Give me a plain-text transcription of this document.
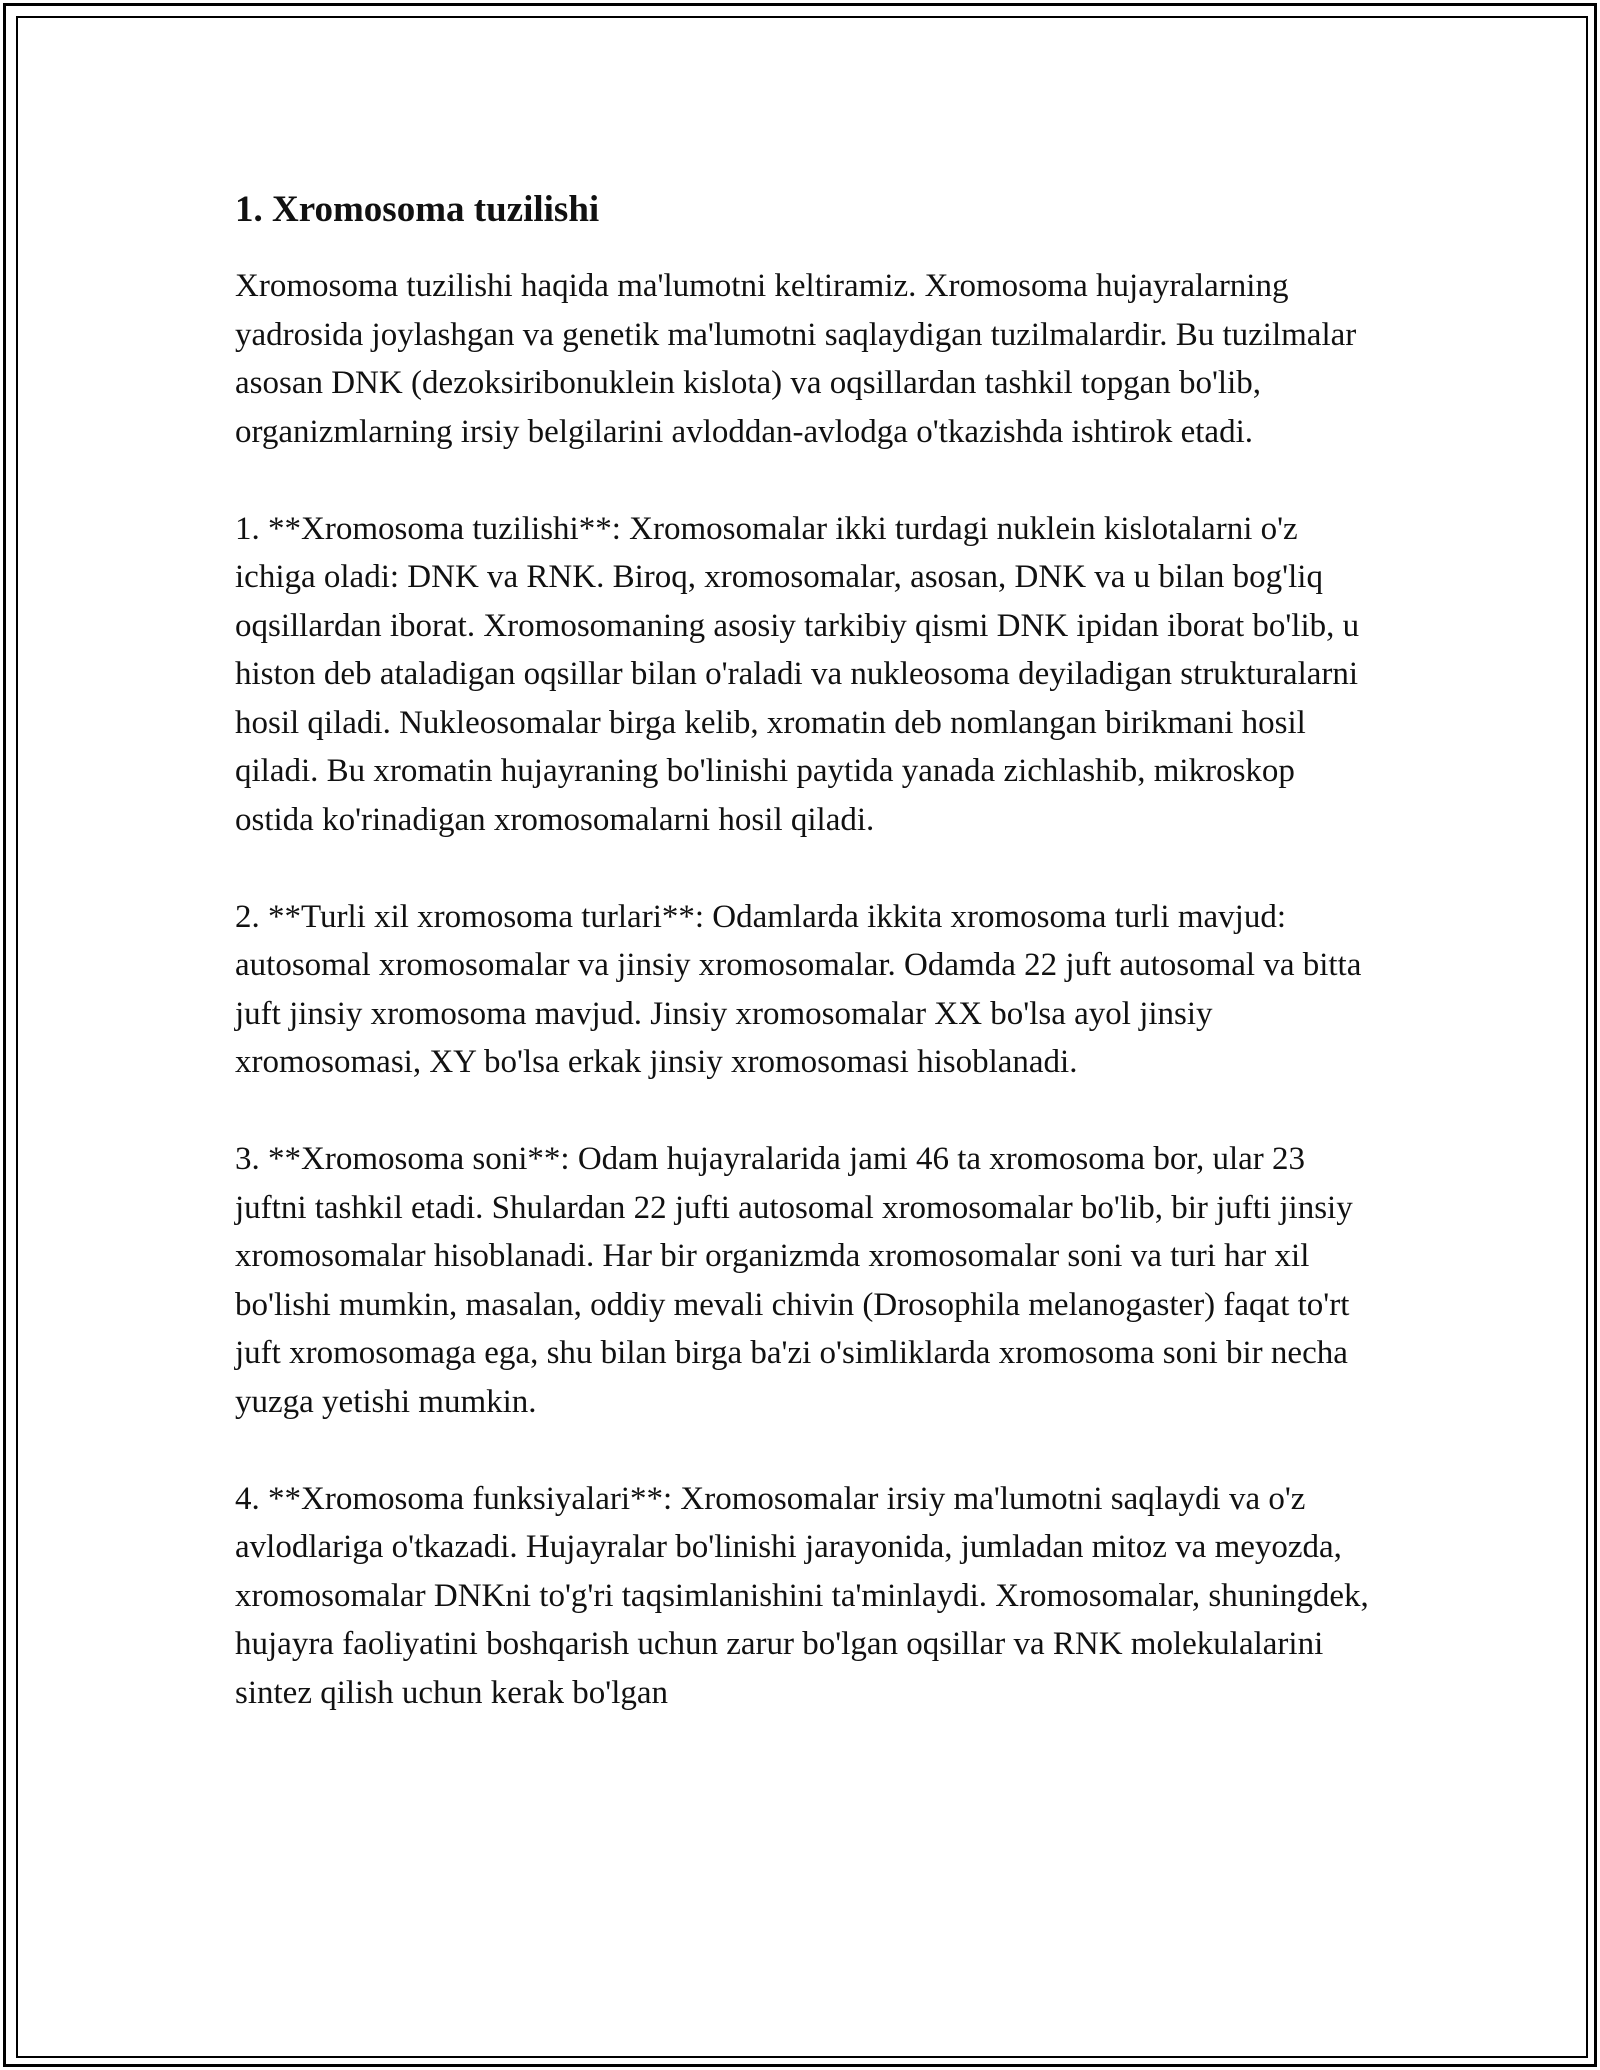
1. Xromosoma tuzilishi

Xromosoma tuzilishi haqida ma'lumotni keltiramiz. Xromosoma hujayralarning yadrosida joylashgan va genetik ma'lumotni saqlaydigan tuzilmalardir. Bu tuzilmalar asosan DNK (dezoksiribonuklein kislota) va oqsillardan tashkil topgan bo'lib, organizmlarning irsiy belgilarini avloddan-avlodga o'tkazishda ishtirok etadi.

1. **Xromosoma tuzilishi**: Xromosomalar ikki turdagi nuklein kislotalarni o'z ichiga oladi: DNK va RNK. Biroq, xromosomalar, asosan, DNK va u bilan bog'liq oqsillardan iborat. Xromosomaning asosiy tarkibiy qismi DNK ipidan iborat bo'lib, u histon deb ataladigan oqsillar bilan o'raladi va nukleosoma deyiladigan strukturalarni hosil qiladi. Nukleosomalar birga kelib, xromatin deb nomlangan birikmani hosil qiladi. Bu xromatin hujayraning bo'linishi paytida yanada zichlashib, mikroskop ostida ko'rinadigan xromosomalarni hosil qiladi.

2. **Turli xil xromosoma turlari**: Odamlarda ikkita xromosoma turli mavjud: autosomal xromosomalar va jinsiy xromosomalar. Odamda 22 juft autosomal va bitta juft jinsiy xromosoma mavjud. Jinsiy xromosomalar XX bo'lsa ayol jinsiy xromosomasi, XY bo'lsa erkak jinsiy xromosomasi hisoblanadi.

3. **Xromosoma soni**: Odam hujayralarida jami 46 ta xromosoma bor, ular 23 juftni tashkil etadi. Shulardan 22 jufti autosomal xromosomalar bo'lib, bir jufti jinsiy xromosomalar hisoblanadi. Har bir organizmda xromosomalar soni va turi har xil bo'lishi mumkin, masalan, oddiy mevali chivin (Drosophila melanogaster) faqat to'rt juft xromosomaga ega, shu bilan birga ba'zi o'simliklarda xromosoma soni bir necha yuzga yetishi mumkin.

4. **Xromosoma funksiyalari**: Xromosomalar irsiy ma'lumotni saqlaydi va o'z avlodlariga o'tkazadi. Hujayralar bo'linishi jarayonida, jumladan mitoz va meyozda, xromosomalar DNKni to'g'ri taqsimlanishini ta'minlaydi. Xromosomalar, shuningdek, hujayra faoliyatini boshqarish uchun zarur bo'lgan oqsillar va RNK molekulalarini sintez qilish uchun kerak bo'lgan
